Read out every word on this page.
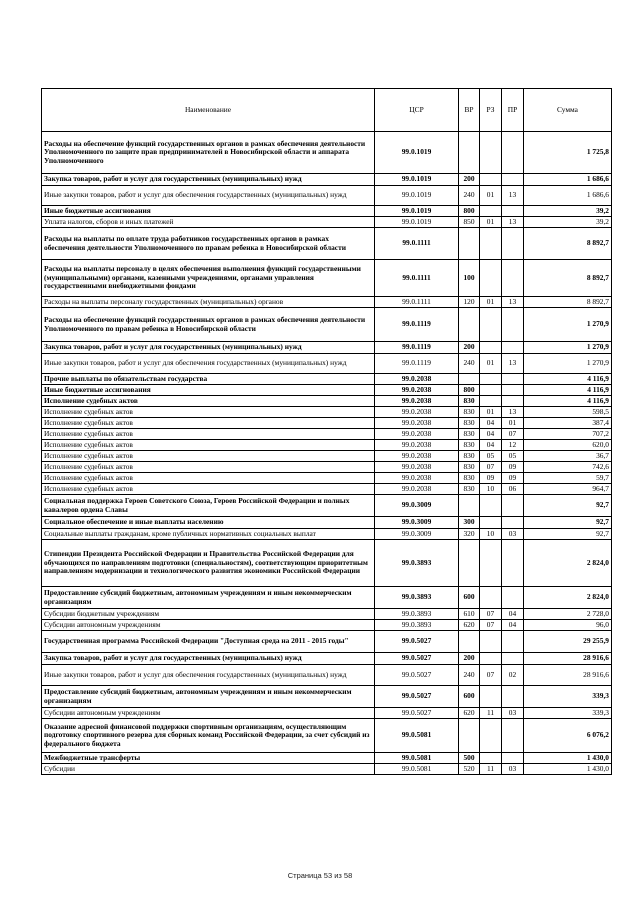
Наименование	ЦСР	ВР	РЗ	ПР	Сумма
Расходы на обеспечение функций государственных органов в рамках обеспечения деятельности Уполномоченного по защите прав предпринимателей в Новосибирской области и аппарата Уполномоченного	99.0.1019				1 725,8
Закупка товаров, работ и услуг для государственных (муниципальных) нужд	99.0.1019	200			1 686,6
Иные закупки товаров, работ и услуг для обеспечения государственных (муниципальных) нужд	99.0.1019	240	01	13	1 686,6
Иные бюджетные ассигнования	99.0.1019	800			39,2
Уплата налогов, сборов и иных платежей	99.0.1019	850	01	13	39,2
Расходы на выплаты по оплате труда работников государственных органов в рамках обеспечения деятельности Уполномоченного по правам ребенка в Новосибирской области	99.0.1111				8 892,7
Расходы на выплаты персоналу в целях обеспечения выполнения функций государственными (муниципальными) органами, казенными учреждениями, органами управления государственными внебюджетными фондами	99.0.1111	100			8 892,7
Расходы на выплаты персоналу государственных (муниципальных) органов	99.0.1111	120	01	13	8 892,7
Расходы на обеспечение функций государственных органов в рамках обеспечения деятельности Уполномоченного по правам ребенка в Новосибирской области	99.0.1119				1 270,9
Закупка товаров, работ и услуг для государственных (муниципальных) нужд	99.0.1119	200			1 270,9
Иные закупки товаров, работ и услуг для обеспечения государственных (муниципальных) нужд	99.0.1119	240	01	13	1 270,9
Прочие выплаты по обязательствам государства	99.0.2038				4 116,9
Иные бюджетные ассигнования	99.0.2038	800			4 116,9
Исполнение судебных актов	99.0.2038	830			4 116,9
Исполнение судебных актов	99.0.2038	830	01	13	598,5
Исполнение судебных актов	99.0.2038	830	04	01	387,4
Исполнение судебных актов	99.0.2038	830	04	07	707,2
Исполнение судебных актов	99.0.2038	830	04	12	620,0
Исполнение судебных актов	99.0.2038	830	05	05	36,7
Исполнение судебных актов	99.0.2038	830	07	09	742,6
Исполнение судебных актов	99.0.2038	830	09	09	59,7
Исполнение судебных актов	99.0.2038	830	10	06	964,7
Социальная поддержка Героев Советского Союза, Героев Российской Федерации и полных кавалеров ордена Славы	99.0.3009				92,7
Социальное обеспечение и иные выплаты населению	99.0.3009	300			92,7
Социальные выплаты гражданам, кроме публичных нормативных социальных выплат	99.0.3009	320	10	03	92,7
Стипендии Президента Российской Федерации и Правительства Российской Федерации для обучающихся по направлениям подготовки (специальностям), соответствующим приоритетным направлениям модернизации и технологического развития экономики Российской Федерации	99.0.3893				2 824,0
Предоставление субсидий бюджетным, автономным учреждениям и иным некоммерческим организациям	99.0.3893	600			2 824,0
Субсидии бюджетным учреждениям	99.0.3893	610	07	04	2 728,0
Субсидии автономным учреждениям	99.0.3893	620	07	04	96,0
Государственная программа Российской Федерации "Доступная среда на 2011 - 2015 годы"	99.0.5027				29 255,9
Закупка товаров, работ и услуг для государственных (муниципальных) нужд	99.0.5027	200			28 916,6
Иные закупки товаров, работ и услуг для обеспечения государственных (муниципальных) нужд	99.0.5027	240	07	02	28 916,6
Предоставление субсидий бюджетным, автономным учреждениям и иным некоммерческим организациям	99.0.5027	600			339,3
Субсидии автономным учреждениям	99.0.5027	620	11	03	339,3
Оказание адресной финансовой поддержки спортивным организациям, осуществляющим подготовку спортивного резерва для сборных команд Российской Федерации, за счет субсидий из федерального бюджета	99.0.5081				6 076,2
Межбюджетные трансферты	99.0.5081	500			1 430,0
Субсидии	99.0.5081	520	11	03	1 430,0
Страница 53 из 58
